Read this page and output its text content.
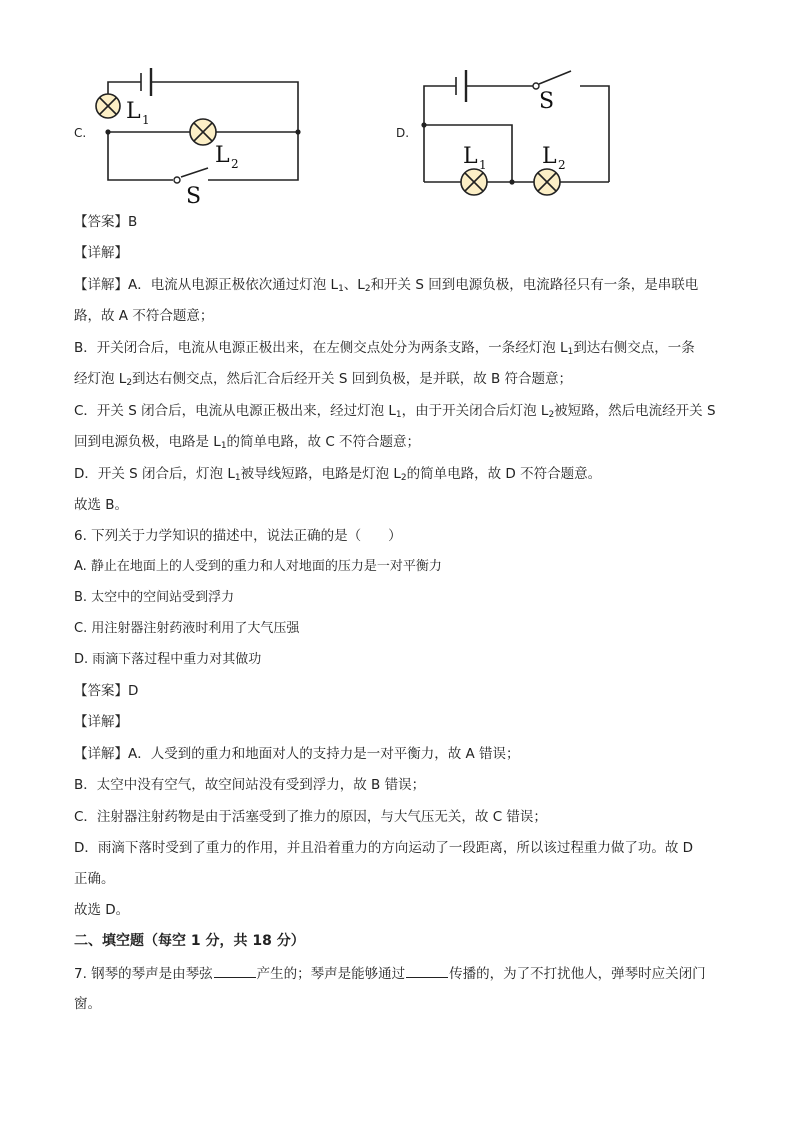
C.
L 1
L 2
S
D.
S
L 1	L 2
【答案】B
【详解】
【详解】A．电流从电源正极依次通过灯泡 $L_1$、$L_2$和开关 S 回到电源负极，电流路径只有一条，是串联电
路，故 A 不符合题意；
B．开关闭合后，电流从电源正极出来，在左侧交点处分为两条支路，一条经灯泡 $L_1$到达右侧交点，一条
经灯泡 $L_2$到达右侧交点，然后汇合后经开关 S 回到负极，是并联，故 B 符合题意；
C．开关 S 闭合后，电流从电源正极出来，经过灯泡 $L_1$，由于开关闭合后灯泡 $L_2$被短路，然后电流经开关 S
回到电源负极，电路是 $L_1$的简单电路，故 C 不符合题意；
D．开关 S 闭合后，灯泡 $L_1$被导线短路，电路是灯泡 $L_2$的简单电路，故 D 不符合题意。
故选 B。
6. 下列关于力学知识的描述中，说法正确的是（　　）
A. 静止在地面上的人受到的重力和人对地面的压力是一对平衡力
B. 太空中的空间站受到浮力
C. 用注射器注射药液时利用了大气压强
D. 雨滴下落过程中重力对其做功
【答案】D
【详解】
【详解】A．人受到的重力和地面对人的支持力是一对平衡力，故 A 错误；
B．太空中没有空气，故空间站没有受到浮力，故 B 错误；
C．注射器注射药物是由于活塞受到了推力的原因，与大气压无关，故 C 错误；
D．雨滴下落时受到了重力的作用，并且沿着重力的方向运动了一段距离，所以该过程重力做了功。故 D
正确。
故选 D。
二、填空题（每空 1 分，共 18 分）
7. 钢琴的琴声是由琴弦	产生的；琴声是能够通过	传播的，为了不打扰他人，弹琴时应关闭门
窗。
